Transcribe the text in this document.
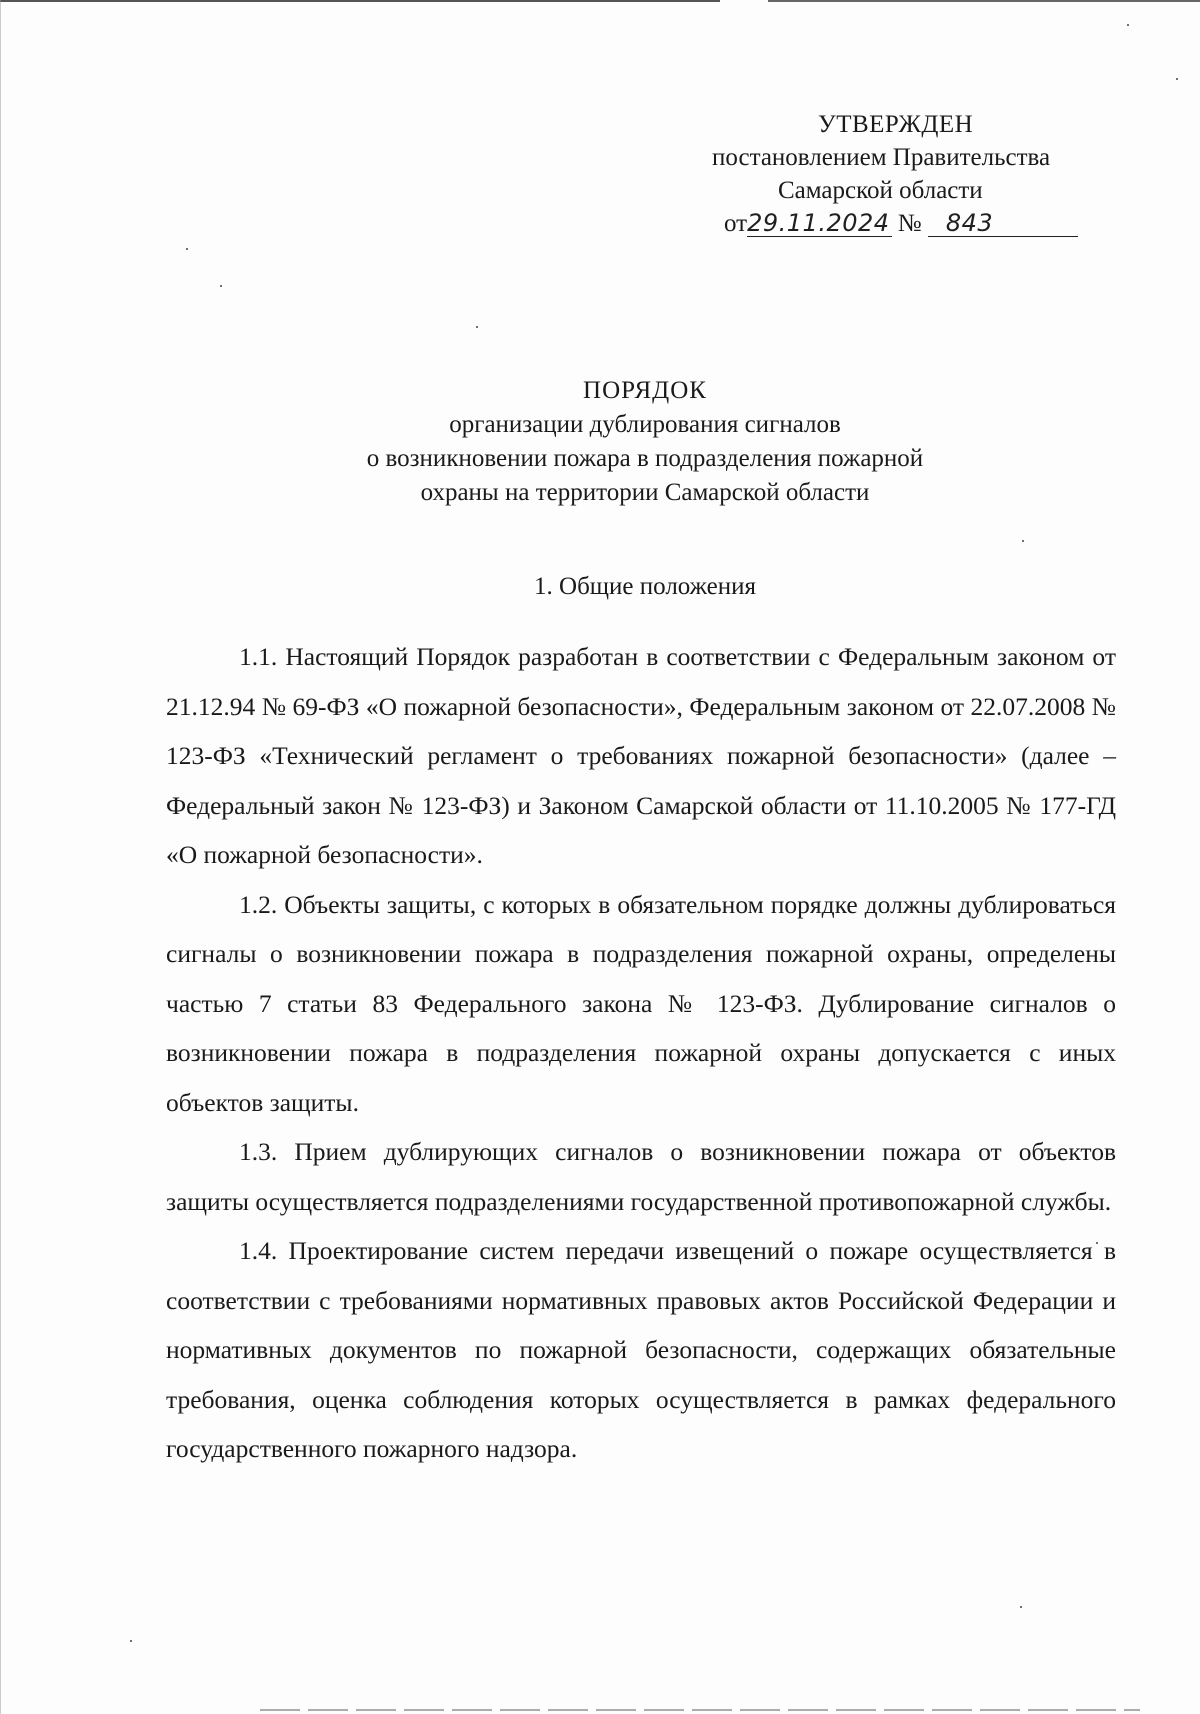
УТВЕРЖДЕН
постановлением Правительства
Самарской области
от29.11.2024 № 843
ПОРЯДОК
организации дублирования сигналов
о возникновении пожара в подразделения пожарной
охраны на территории Самарской области
1. Общие положения

1.1. Настоящий Порядок разработан в соответствии с Федеральным законом от 21.12.94 № 69-ФЗ «О пожарной безопасности», Федеральным законом от 22.07.2008 № 123-ФЗ «Технический регламент о требованиях пожарной безопасности» (далее – Федеральный закон № 123-ФЗ) и Законом Самарской области от 11.10.2005 № 177-ГД «О пожарной безопасности».

1.2. Объекты защиты, с которых в обязательном порядке должны дублироваться сигналы о возникновении пожара в подразделения пожарной охраны, определены частью 7 статьи 83 Федерального закона № 123-ФЗ. Дублирование сигналов о возникновении пожара в подразделения пожарной охраны допускается с иных объектов защиты.

1.3. Прием дублирующих сигналов о возникновении пожара от объектов защиты осуществляется подразделениями государственной противопожарной службы.

1.4. Проектирование систем передачи извещений о пожаре осуществляется в соответствии с требованиями нормативных правовых актов Российской Федерации и нормативных документов по пожарной безопасности, содержащих обязательные требования, оценка соблюдения которых осуществляется в рамках федерального государственного пожарного надзора.
